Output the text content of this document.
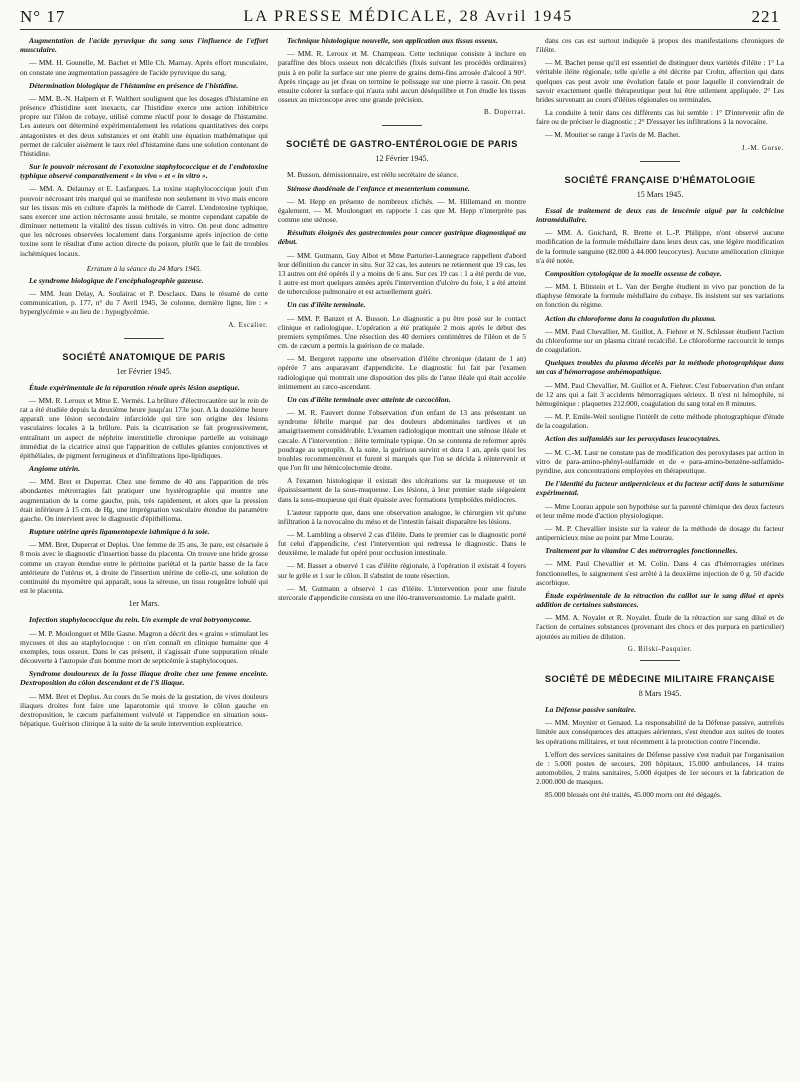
N° 17	LA PRESSE MÉDICALE, 28 Avril 1945	221

Augmentation de l'acide pyruvique du sang sous l'influence de l'effort musculaire.

— MM. H. Gounelle, M. Bachet et Mlle Ch. Marnay. Après effort musculaire, on constate une augmentation passagère de l'acide pyruvique du sang.

Détermination biologique de l'histamine en présence de l'histidine.

— MM. B.-N. Halpern et F. Walthert soulignent que les dosages d'histamine en présence d'histidine sont inexacts, car l'histidine exerce une action inhibitrice propre sur l'iléon de cobaye, utilisé comme réactif pour le dosage de l'histamine. Les auteurs ont déterminé expérimentalement les relations quantitatives des corps antagonistes et des deux substances et ont établi une équation mathématique qui permet de calculer aisément le taux réel d'histamine dans une solution contenant de l'histidine.

Sur le pouvoir nécrosant de l'exotoxine staphylococcique et de l'endotoxine typhique observé comparativement « in vivo » et « in vitro ».

— MM. A. Delaunay et E. Lasfargues. La toxine staphylococcique jouit d'un pouvoir nécrosant très marqué qui se manifeste non seulement in vivo mais encore sur les tissus mis en culture d'après la méthode de Carrel. L'endotoxine typhique, sans exercer une action nécrosante aussi brutale, se montre cependant capable de diminuer nettement la vitalité des tissus cultivés in vitro. On peut donc admettre que les nécroses observées localement dans l'organisme après injection de cette toxine sont le résultat d'une action directe du poison, plutôt que le fait de troubles ischémiques locaux.

Erratum à la séance du 24 Mars 1945.

Le syndrome biologique de l'encéphalographie gazeuse.

— MM. Jean Delay, A. Soulairac et P. Desclaux. Dans le résumé de cette communication, p. 177, n° du 7 Avril 1945, 3e colonne, dernière ligne, lire : « hyperglycémie » au lieu de : hypoglycémie.

A. Escalier.
SOCIÉTÉ ANATOMIQUE DE PARIS
1er Février 1945.

Étude expérimentale de la réparation rénale après lésion aseptique.

— MM. R. Leroux et Mme E. Vermès. La brûlure d'électrocautère sur le rein de rat a été étudiée depuis la deuxième heure jusqu'au 173e jour. A la douzième heure apparaît une lésion secondaire infarcioïde qui tire son origine des lésions vasculaires locales à la brûlure. Puis la cicatrisation se fait progressivement, entraînant un aspect de néphrite interstitielle chronique partielle au voisinage immédiat de la cicatrice ainsi que l'apparition de cellules géantes conjonctives et épithéliales, de pigment ferrugineux et d'infiltrations lipo-lipidiques.

Angiome utérin.

— MM. Bret et Duperrat. Chez une femme de 40 ans l'apparition de très abondantes métrorragies fait pratiquer une hystérographie qui montre une augmentation de la corne gauche, puis, très rapidement, et alors que la pression était inférieure à 15 cm. de Hg, une imprégnation vasculaire étendue du paramètre gauche. On intervient avec le diagnostic d'épithélioma.

Rupture utérine après ligamentopexie isthmique à la soie.

— MM. Bret, Duperrat et Deplus. Une femme de 35 ans, 3e pare, est césarisée à 8 mois avec le diagnostic d'insertion basse du placenta. On trouve une bride grosse comme un crayon étendue entre le péritoine pariétal et la partie basse de la face antérieure de l'utérus et, à droite de l'insertion utérine de celle-ci, une solution de continuité du myomètre qui apparaît, sous la séreuse, un tissu rougeâtre lobulé qui est le placenta.

1er Mars.

Infection staphylococcique du rein. Un exemple de vrai botryomycome.

— M. P. Moulonguet et Mlle Gasne. Magron a décrit des « grains » stimulant les mycoses et dus au staphylocoque : on n'en connaît en clinique humaine que 4 exemples, tous osseux. Dans le cas présent, il s'agissait d'une suppuration rénale découverte à l'autopsie d'un homme mort de septicémie à staphylocoques.

Syndrome douloureux de la fosse iliaque droite chez une femme enceinte. Dextroposition du côlon descendant et de l'S iliaque.

— MM. Bret et Deplus. Au cours du 5e mois de la gestation, de vives douleurs iliaques droites font faire une laparotomie qui trouve le côlon gauche en dextroposition, le cæcum parfaitement volvulé et l'appendice en situation sous-hépatique. Guérison clinique à la suite de la seule intervention exploratrice.

Technique histologique nouvelle, son application aux tissus osseux.

— MM. R. Leroux et M. Champeau. Cette technique consiste à inclure en paraffine des blocs osseux non décalcifiés (fixés suivant les procédés ordinaires) puis à en polir la surface sur une pierre de grains demi-fins arrosée d'alcool à 90°. Après rinçage au jet d'eau on termine le polissage sur une pierre à rasoir. On peut ensuite colorer la surface qui n'aura subi aucun déséquilibre et l'on étudie les tissus osseux au microscope avec une grande précision.

B. Duperrat.
SOCIÉTÉ DE GASTRO-ENTÉROLOGIE DE PARIS
12 Février 1945.

M. Busson, démissionnaire, est réélu secrétaire de séance.

Sténose duodénale de l'enfance et mesenterium commune.

— M. Hepp en présente de nombreux clichés. — M. Hillemand en montre également. — M. Moulonguet en rapporte 1 cas que M. Hepp n'interprète pas comme une sténose.

Résultats éloignés des gastrectomies pour cancer gastrique diagnostiqué au début.

— MM. Gutmann, Guy Albot et Mme Parturier-Lannegrace rappellent d'abord leur définition du cancer in situ. Sur 32 cas, les auteurs ne retiennent que 19 cas, les 13 autres ont été opérés il y a moins de 6 ans. Sur ces 19 cas : 1 a été perdu de vue, 1 autre est mort quelques années après l'intervention d'ulcère du foie, 1 a été atteint de tuberculose pulmonaire et est actuellement guéri.

Un cas d'iléite terminale.

— MM. P. Banzet et A. Busson. Le diagnostic a pu être posé sur le contact clinique et radiologique. L'opération a été pratiquée 2 mois après le début des premiers symptômes. Une résection des 40 derniers centimètres de l'iléon et de 5 cm. de cæcum a permis la guérison de ce malade.

— M. Bergeret rapporte une observation d'iléite chronique (datant de 1 an) opérée 7 ans auparavant d'appendicite. Le diagnostic fut fait par l'examen radiologique qui montrait une disposition des plis de l'anse iléale qui était accolée intimement au cæco-ascendant.

Un cas d'iléite terminale avec atteinte de cæcocôlon.

— M. R. Fauvert donne l'observation d'un enfant de 13 ans présentant un syndrome fébrile marqué par des douleurs abdominales tardives et un amaigrissement considérable. L'examen radiologique montrait une sténose iléale et cæcale. A l'intervention : iléite terminale typique. On se contenta de refermer après poudrage au septoplix. A la suite, la guérison survint et dura 1 an, après quoi les troubles recommencèrent et furent si marqués que l'on se décida à réintervenir et que l'on fit une hémicolectomie droite.

A l'examen histologique il existait des ulcérations sur la muqueuse et un épaississement de la sous-muqueuse. Les lésions, à leur premier stade siégeaient dans la sous-muqueuse qui était épaissie avec formations lymphoïdes médiocres.

L'auteur rapporte que, dans une observation analogue, le chirurgien vit qu'une infiltration à la novocaïne du méso et de l'intestin faisait disparaître les lésions.

— M. Lambling a observé 2 cas d'iléite. Dans le premier cas le diagnostic porté fut celui d'appendicite, c'est l'intervention qui redressa le diagnostic. Dans le deuxième, le malade fut opéré pour occlusion intestinale.

— M. Basset a observé 1 cas d'iléite régionale, à l'opération il existait 4 foyers sur le grêle et 1 sur le côlon. Il s'abstint de toute résection.

— M. Gutmann a observé 1 cas d'iléite. L'intervention pour une fistule stercorale d'appendicite consista en une iléo-transversostomie. Le malade guérit.

dans ces cas est surtout indiquée à propos des manifestations chroniques de l'iléite.

— M. Bachet pense qu'il est essentiel de distinguer deux variétés d'iléite : 1° La véritable iléite régionale, telle qu'elle a été décrite par Crohn, affection qui dans quelques cas peut avoir une évolution fatale et pour laquelle il conviendrait de savoir exactement quelle thérapeutique peut lui être utilement appliquée. 2° Les brides survenant au cours d'iléites régionales ou terminales.

La conduite à tenir dans ces différents cas lui semble : 1° D'intervenir afin de faire ou de préciser le diagnostic ; 2° D'essayer les infiltrations à la novocaïne.

— M. Moutier se range à l'avis de M. Bachet.

J.-M. Gorse.
SOCIÉTÉ FRANÇAISE D'HÉMATOLOGIE
15 Mars 1945.

Essai de traitement de deux cas de leucémie aiguë par la colchicine intramédullaire.

— MM. A. Guichard, R. Brette et L.-P. Philippe, n'ont observé aucune modification de la formule médullaire dans leurs deux cas, une légère modification de la formule sanguine (82.000 à 44.000 leucocytes). Aucune amélioration clinique n'a été notée.

Composition cytologique de la moelle osseuse de cobaye.

— MM. I. Blitstein et L. Van der Berghe étudient in vivo par ponction de la diaphyse fémorale la formule médullaire du cobaye. Ils insistent sur ses variations en fonction du régime.

Action du chloroforme dans la coagulation du plasma.

— MM. Paul Chevallier, M. Guillot, A. Fiehrer et N. Schlesser étudient l'action du chloroforme sur un plasma citraté recalcifié. Le chloroforme raccourcit le temps de coagulation.

Quelques troubles du plasma décelés par la méthode photographique dans un cas d'hémorragose anhémopathique.

— MM. Paul Chevallier, M. Guillot et A. Fiehrer. C'est l'observation d'un enfant de 12 ans qui a fait 3 accidents hémorragiques sérieux. Il n'est ni hémophile, ni hémogénique : plaquettes 212.000, coagulation du sang total en 8 minutes.

— M. P. Emile-Weil souligne l'intérêt de cette méthode photographique d'étude de la coagulation.

Action des sulfamidés sur les peroxydases leucocytaires.

— M. C.-M. Laur ne constate pas de modification des peroxydases par action in vitro de para-amino-phényl-sulfamide et de « para-amino-benzène-sulfamido-pyridine, aux concentrations employées en thérapeutique.

De l'identité du facteur antipernicieux et du facteur actif dans le saturnisme expérimental.

— Mme Lourau appuie son hypothèse sur la parenté chimique des deux facteurs et leur même mode d'action physiologique.

— M. P. Chevallier insiste sur la valeur de la méthode de dosage du facteur antipernicieux mise au point par Mme Lourau.

Traitement par la vitamine C des métrorragies fonctionnelles.

— MM. Paul Chevallier et M. Colin. Dans 4 cas d'hémorragies utérines fonctionnelles, le saignement s'est arrêté à la deuxième injection de 0 g. 50 d'acide ascorbique.

Étude expérimentale de la rétraction du caillot sur le sang dilué et après addition de certaines substances.

— MM. A. Noyalet et R. Noyalet. Étude de la rétraction sur sang dilué et de l'action de certaines substances (provenant des chocs et des purpura en particulier) ajoutées au milieu de dilution.

G. Bilski-Pasquier.
SOCIÉTÉ DE MÉDECINE MILITAIRE FRANÇAISE
8 Mars 1945.

La Défense passive sanitaire.

— MM. Moynier et Genaud. La responsabilité de la Défense passive, autrefois limitée aux conséquences des attaques aériennes, s'est étendue aux suites de toutes les opérations militaires, et tout récemment à la protection contre l'incendie.

L'effort des services sanitaires de Défense passive s'est traduit par l'organisation de : 5.000 postes de secours, 200 hôpitaux, 15.000 ambulances, 14 trains automobiles, 2 trains sanitaires, 5.000 équipes de 1er secours et la fabrication de 2.000.000 de masques.

85.000 blessés ont été traités, 45.000 morts ont été dégagés.
